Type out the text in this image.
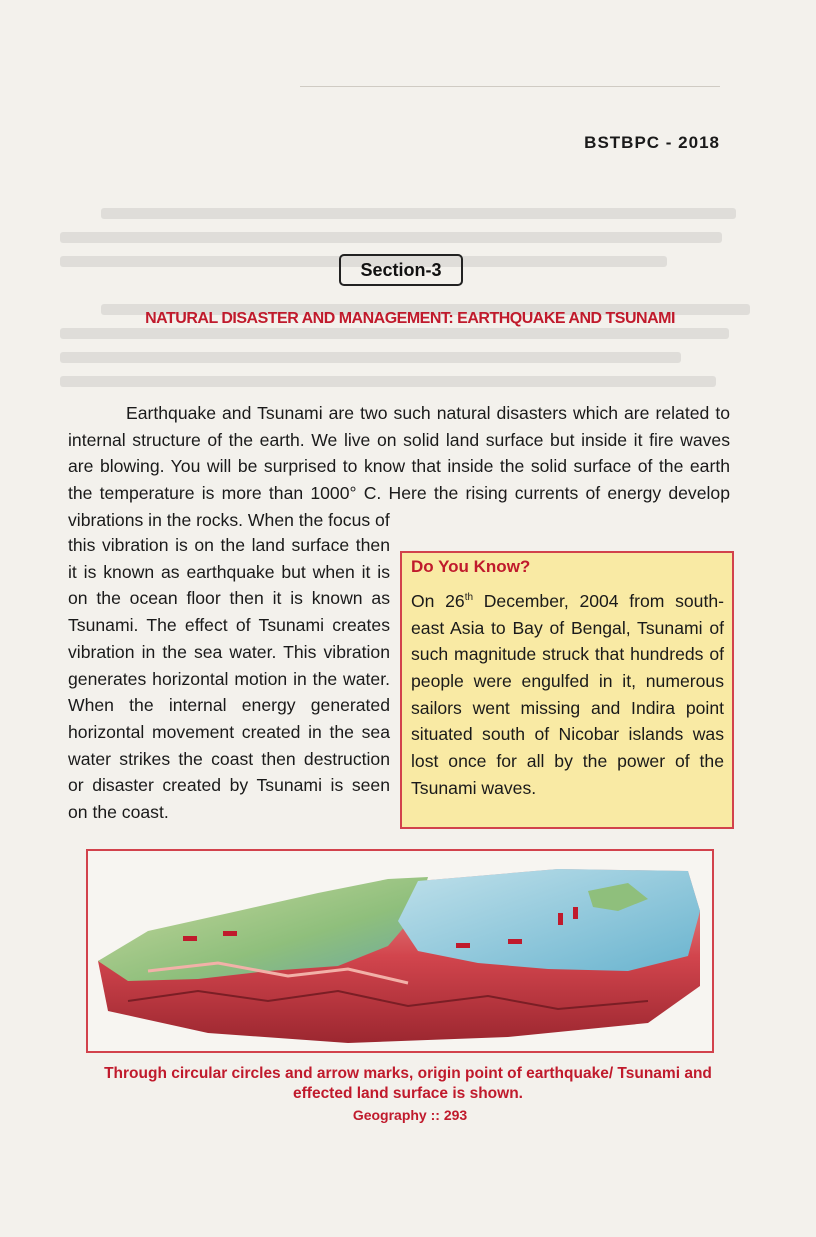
BSTBPC - 2018
Section-3
NATURAL DISASTER AND MANAGEMENT: EARTHQUAKE AND TSUNAMI

Earthquake and Tsunami are two such natural disasters which are related to internal structure of the earth. We live on solid land surface but inside it fire waves are blowing. You will be surprised to know that inside the solid surface of the earth the temperature is more than 1000° C. Here the rising currents of energy develop vibrations in the rocks. When the focus of

this vibration is on the land surface then it is known as earthquake but when it is on the ocean floor then it is known as Tsunami. The effect of Tsunami creates vibration in the sea water. This vibration generates horizontal motion in the water. When the internal energy generated horizontal movement created in the sea water strikes the coast then destruction or disaster created by Tsunami is seen on the coast.

Do You Know?

On 26th December, 2004 from south-east Asia to Bay of Bengal, Tsunami of such magnitude struck that hundreds of people were engulfed in it, numerous sailors went missing and Indira point situated south of Nicobar islands was lost once for all by the power of the Tsunami waves.

Through circular circles and arrow marks, origin point of earthquake/ Tsunami and effected land surface is shown.

Geography :: 293
